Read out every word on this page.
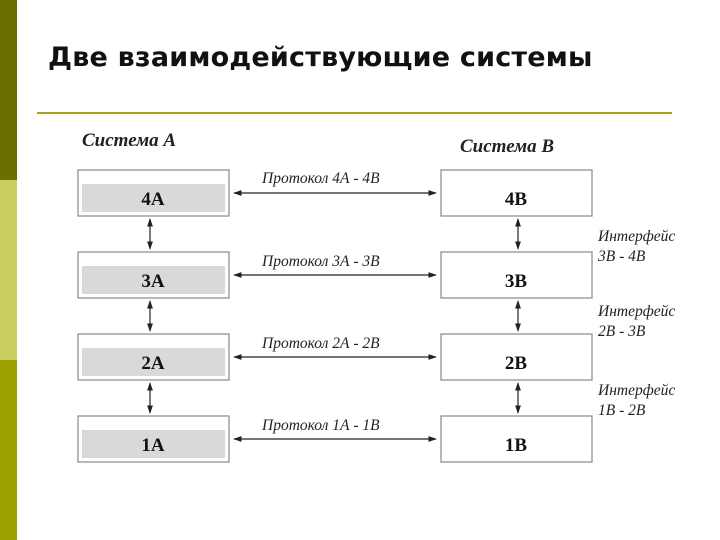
Две взаимодействующие системы
Система А	Система В
4A
3A
2A
1A
4B
3B
2B
1B
Протокол 4А - 4В
Протокол 3А - 3В
Протокол 2А - 2В
Протокол 1А - 1В
Интерфейс
3В - 4В
Интерфейс
2В - 3В
Интерфейс
1В - 2В
